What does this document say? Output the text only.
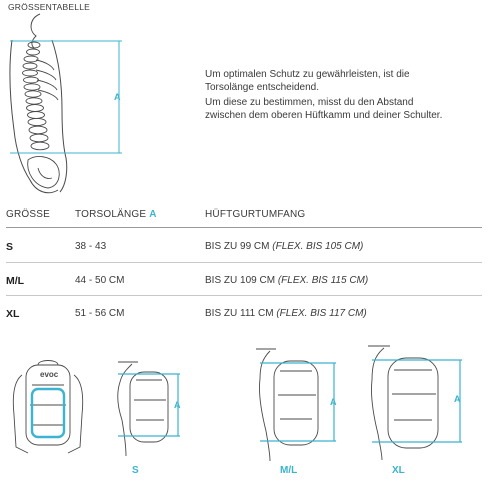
GRÖSSENTABELLE
A

Um optimalen Schutz zu gewährleisten, ist die Torsolänge entscheidend.

Um diese zu bestimmen, misst du den Abstand zwischen dem oberen Hüftkamm und deiner Schulter.

GRÖSSE	TORSOLÄNGE A	HÜFTGURTUMFANG
S	38 - 43	BIS ZU 99 CM (FLEX. BIS 105 CM)
M/L	44 - 50 CM	BIS ZU 109 CM (FLEX. BIS 115 CM)
XL	51 - 56 CM	BIS ZU 111 CM (FLEX. BIS 117 CM)
evoc
A
S
A
M/L
A
XL
